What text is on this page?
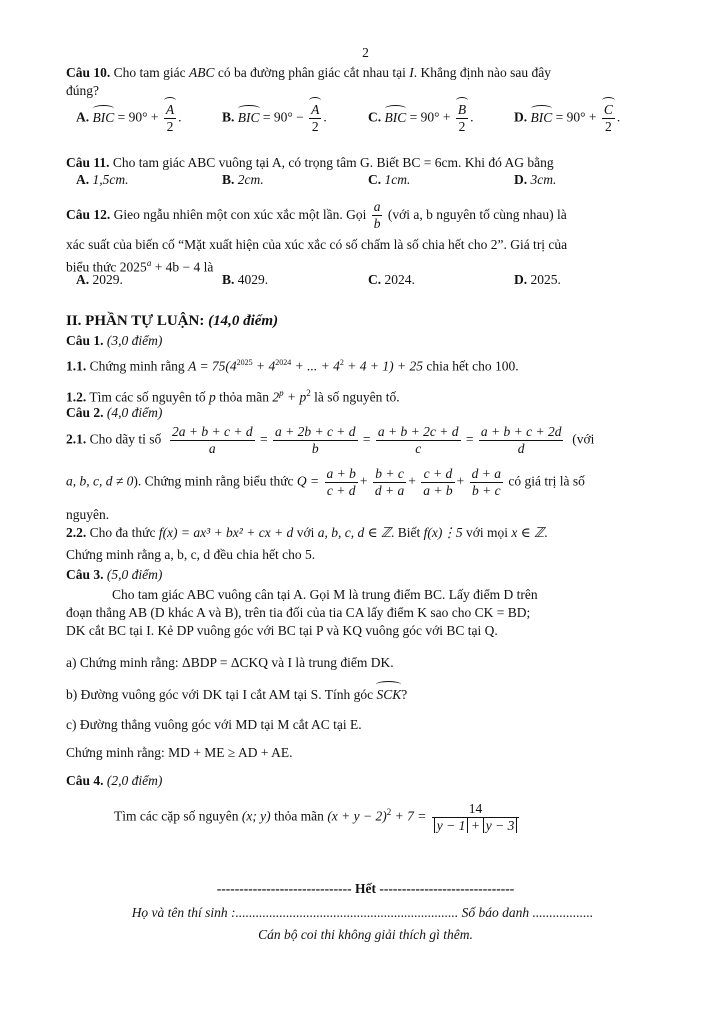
2
Câu 10. Cho tam giác ABC có ba đường phân giác cắt nhau tại I. Khẳng định nào sau đây
đúng?
A. BIC = $90^\circ + \frac{A}{2}$ .	B. BIC = $90^\circ - \frac{A}{2}$ .	C. BIC = $90^\circ + \frac{B}{2}$ .	D. BIC = $90^\circ + \frac{C}{2}$ .
Câu 11. Cho tam giác ABC vuông tại A, có trọng tâm G. Biết BC = 6cm. Khi đó AG bằng
A. 1,5cm.	B. 2cm.	C. 1cm.	D. 3cm.
Câu 12. Gieo ngẫu nhiên một con xúc xắc một lần. Gọi $\frac{a}{b}$ (với a, b nguyên tố cùng nhau) là
xác suất của biến cố “Mặt xuất hiện của xúc xắc có số chấm là số chia hết cho 2”. Giá trị của
biểu thức $2025^a + 4b - 4$ là
A. 2029.	B. 4029.	C. 2024.	D. 2025.
II. PHẦN TỰ LUẬN: (14,0 điểm)
Câu 1. (3,0 điểm)
1.1. Chứng minh rằng $A = 75(4^{2025} + 4^{2024}$ + ... + $4^2 + 4 + 1) + 25$ chia hết cho 100.
1.2. Tìm các số nguyên tố p thỏa mãn $2^p + p^2$ là số nguyên tố.
Câu 2. (4,0 điểm)
2.1. Cho dãy tỉ số $\frac{2a + b + c + d}{a} = \frac{a + 2b + c + d}{b} = \frac{a + b + 2c + d}{c} = \frac{a + b + c + 2d}{d}$ (với
a, b, c, d ≠ 0). Chứng minh rằng biểu thức $Q = \frac{a + b}{c + d} + \frac{b + c}{d + a} + \frac{c + d}{a + b} + \frac{d + a}{b + c}$ có giá trị là số
nguyên.
2.2. Cho đa thức f(x) = ax³ + bx² + cx + d với a, b, c, d ∈ ℤ. Biết f(x)⋮5 với mọi x ∈ ℤ.
Chứng minh rằng a, b, c, d đều chia hết cho 5.
Câu 3. (5,0 điểm)
Cho tam giác ABC vuông cân tại A. Gọi M là trung điểm BC. Lấy điểm D trên
đoạn thẳng AB (D khác A và B), trên tia đối của tia CA lấy điểm K sao cho CK = BD;
DK cắt BC tại I. Kẻ DP vuông góc với BC tại P và KQ vuông góc với BC tại Q.
a) Chứng minh rằng: ΔBDP = ΔCKQ và I là trung điểm DK.
b) Đường vuông góc với DK tại I cắt AM tại S. Tính góc SCK?
c) Đường thẳng vuông góc với MD tại M cắt AC tại E.
Chứng minh rằng: MD + ME ≥ AD + AE.
Câu 4. (2,0 điểm)
Tìm các cặp số nguyên (x; y) thỏa mãn $(x + y - 2)^2 + 7 = \frac{14}{y - 1 + y - 3}$
------------------------------ Hết ------------------------------
Họ và tên thí sinh :.................................................................. Số báo danh ..................
Cán bộ coi thi không giải thích gì thêm.
